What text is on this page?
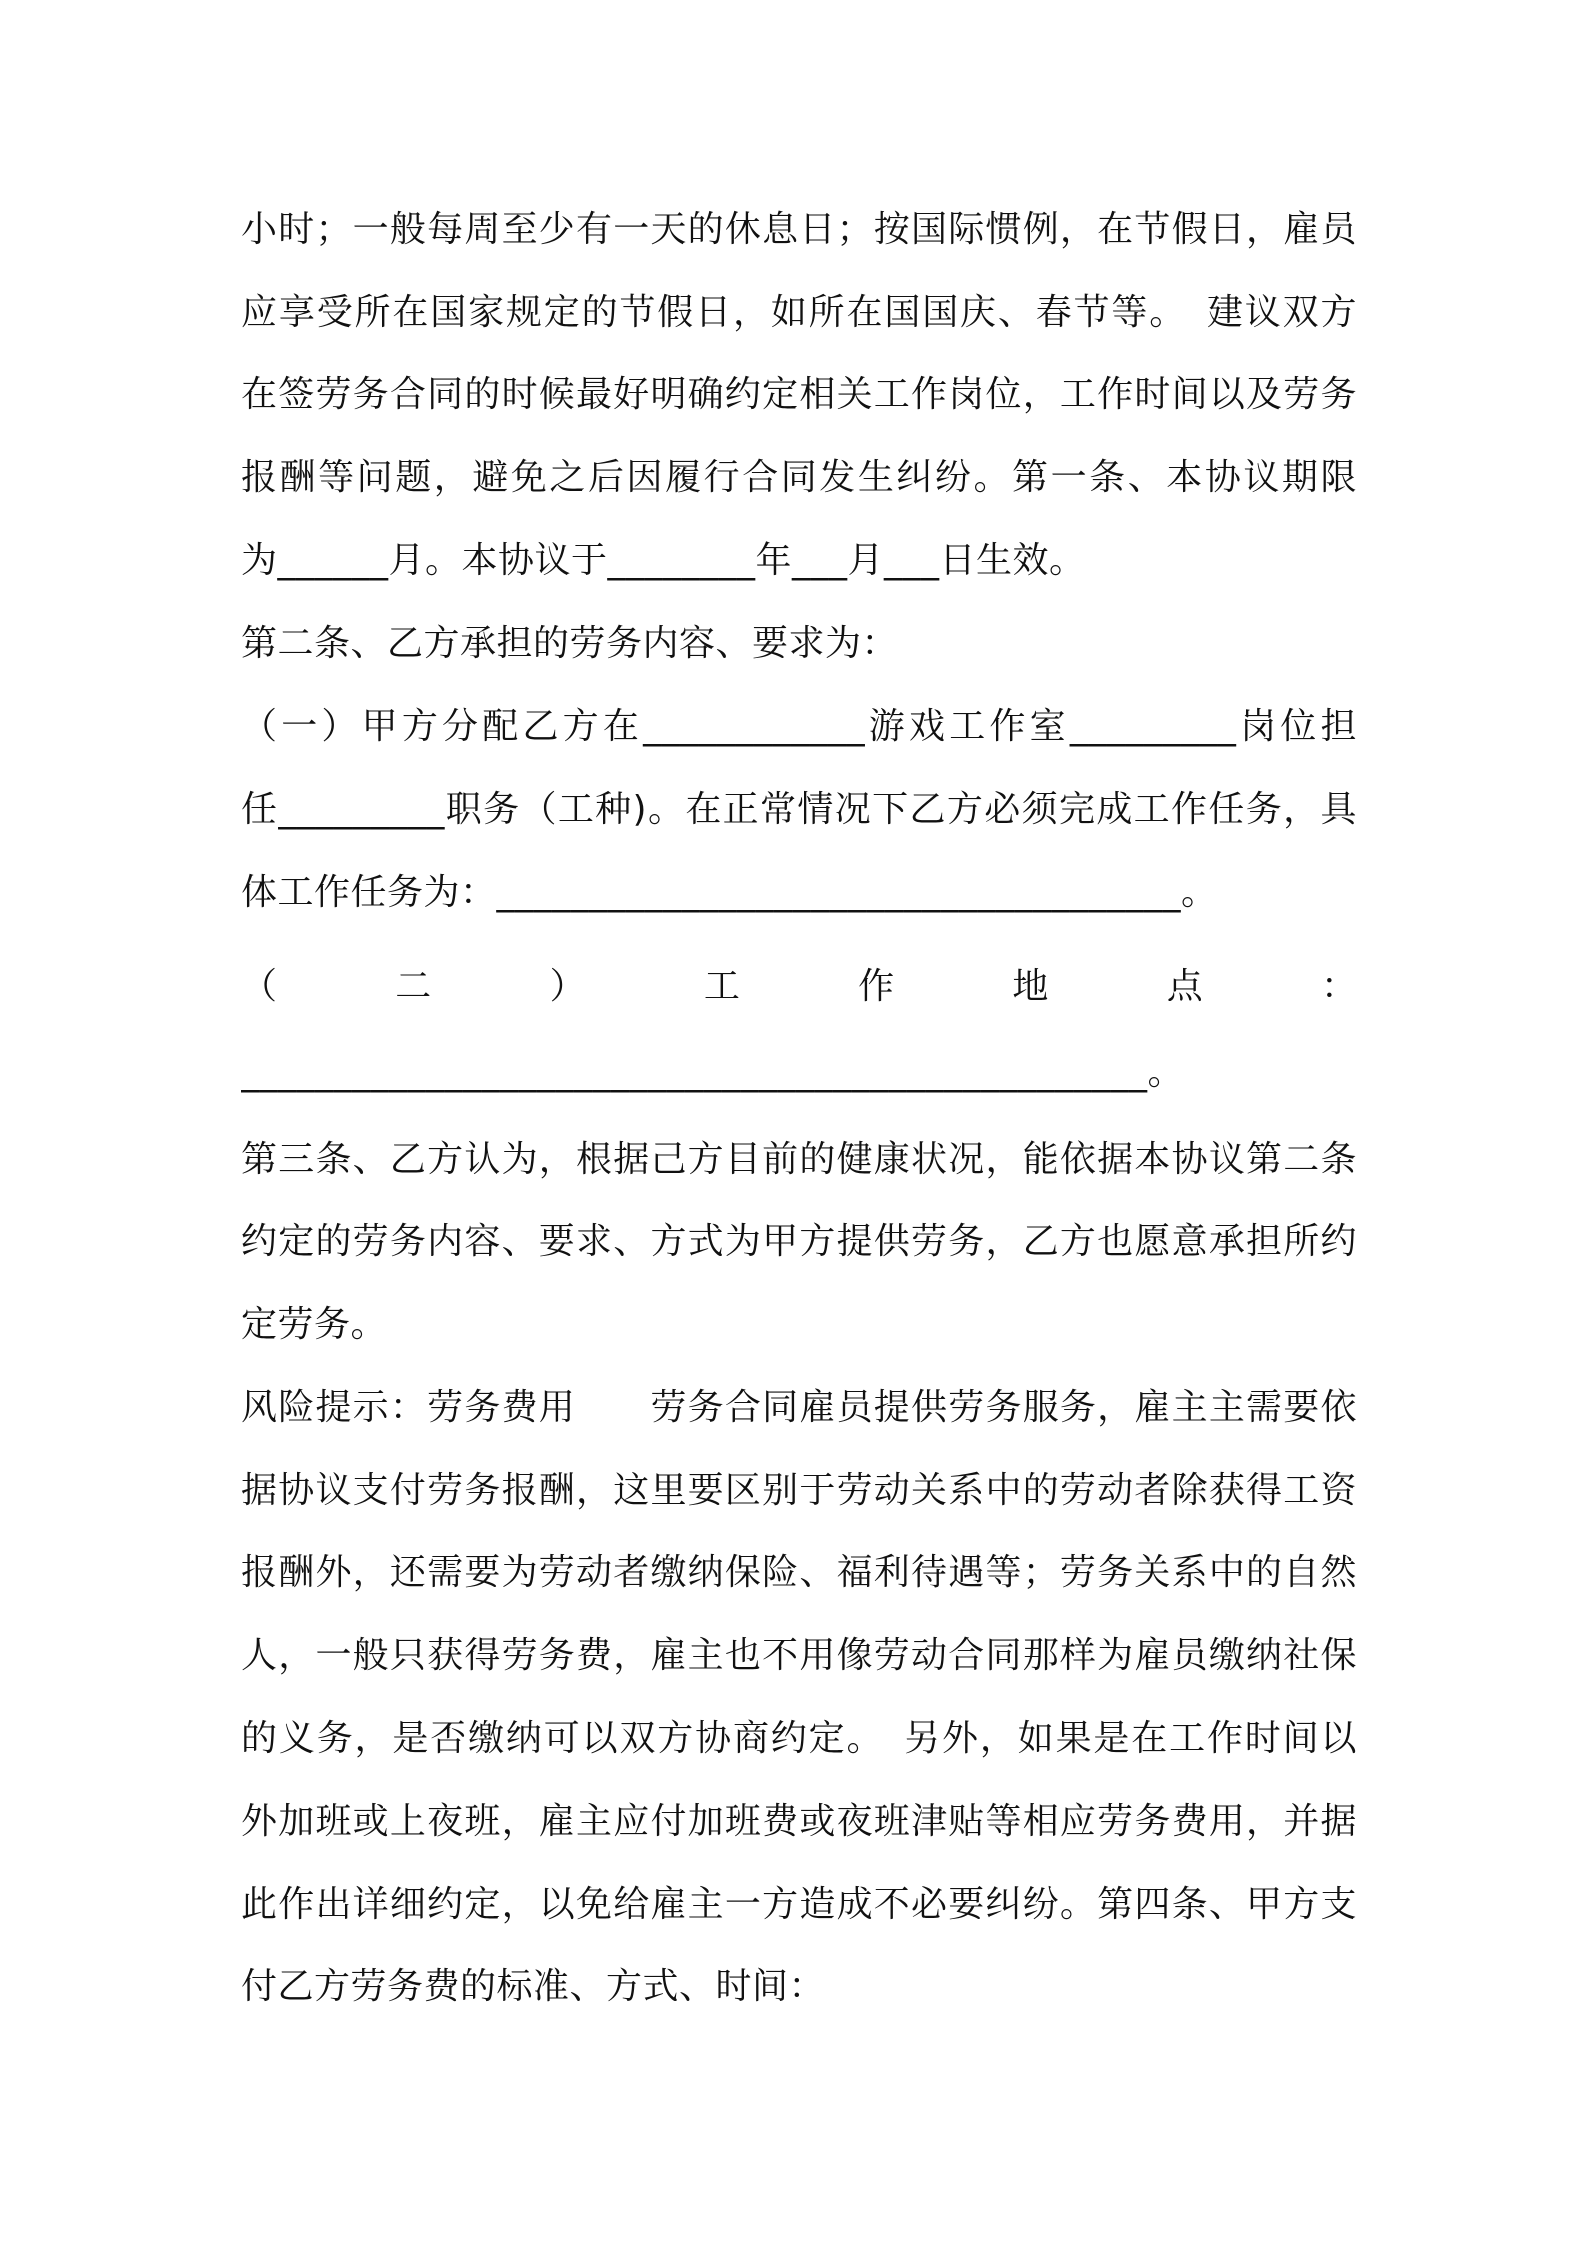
小时；一般每周至少有一天的休息日；按国际惯例，在节假日，雇员
应享受所在国家规定的节假日，如所在国国庆、春节等。　建议双方
在签劳务合同的时候最好明确约定相关工作岗位，工作时间以及劳务
报酬等问题，避免之后因履行合同发生纠纷。第一条、本协议期限
为______月。本协议于________年___月___日生效。
第二条、乙方承担的劳务内容、要求为：
（一）甲方分配乙方在____________游戏工作室_________岗位担
任_________职务（工种)。在正常情况下乙方必须完成工作任务，具
体工作任务为：_____________________________________。
（	二	）	工	作	地	点	：
_________________________________________________。
第三条、乙方认为，根据己方目前的健康状况，能依据本协议第二条
约定的劳务内容、要求、方式为甲方提供劳务，乙方也愿意承担所约
定劳务。
风险提示：劳务费用　　劳务合同雇员提供劳务服务，雇主主需要依
据协议支付劳务报酬，这里要区别于劳动关系中的劳动者除获得工资
报酬外，还需要为劳动者缴纳保险、福利待遇等；劳务关系中的自然
人，一般只获得劳务费，雇主也不用像劳动合同那样为雇员缴纳社保
的义务，是否缴纳可以双方协商约定。　另外，如果是在工作时间以
外加班或上夜班，雇主应付加班费或夜班津贴等相应劳务费用，并据
此作出详细约定，以免给雇主一方造成不必要纠纷。第四条、甲方支
付乙方劳务费的标准、方式、时间：
